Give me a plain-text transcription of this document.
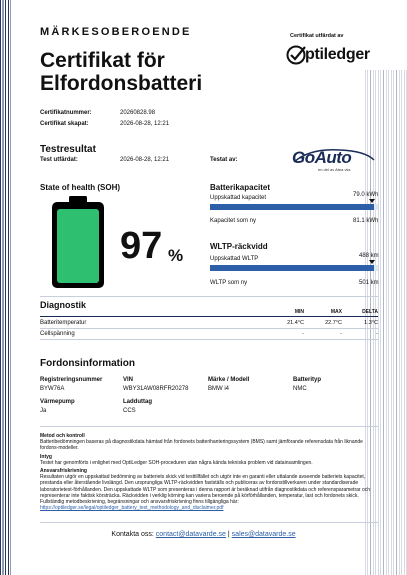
MÄRKESOBEROENDE
Certifikat för
Elfordonsbatteri
Certifikat utfärdat av
ptiledger
Certifikatnummer:	20260828.98
Certifikat skapat:	2026-08-28, 12:21
Testresultat
Test utfärdat:	2026-08-28, 12:21	Testat av:	GoAuto
en del av Atea vks
State of health (SOH)
97 %
Batterikapacitet
Uppskattad kapacitet	79.0 kWh
Kapacitet som ny	81.1 kWh
WLTP-räckvidd
Uppskattad WLTP	488 km
WLTP som ny	501 km
Diagnostik
MIN	MAX	DELTA
Batteritemperatur	21.4°C	22.7°C	1.3°C
Cellspänning	-	-	-
Fordonsinformation
Registreringsnummer
BYW76A
VIN
WBY31AW08RFR20278
Märke / Modell
BMW i4
Batterityp
NMC
Värmepump
Ja
Ladduttag
CCS
Metod och kontroll
Batteribedömningen baseras på diagnostikdata hämtad från fordonets batterihanteringssystem (BMS) samt jämförande referensdata från liknande fordons-modeller.
Intyg
Testet har genomförts i enlighet med OptiLedger SOH-proceduren utan några kända tekniska problem vid datainsamlingen.
Ansvarsfriskrivning
Resultaten utgör en uppskattad bedömning av batteriets skick vid testtillfället och utgör inte en garanti eller uttalande avseende batteriets kapacitet, prestanda eller återstående livslängd. Den ursprungliga WLTP-räckvidden fastställs och publiceras av fordonstillverkaren under standardiserade laboratorietest-förhållanden. Den uppskattade WLTP som presenteras i denna rapport är beräknad utifrån diagnostikdata och referensparametrar och representerar inte faktisk körsträcka. Räckvidden i verklig körning kan variera beroende på körförhållanden, temperatur, last och fordonets skick. Fullständig metodbeskrivning, begränsningar och ansvarsfriskrivning finns tillgängliga här: https://optiledger.se/legal/optiledger_battery_test_methodology_and_disclaimer.pdf
Kontakta oss: contact@datavarde.se | sales@datavarde.se
